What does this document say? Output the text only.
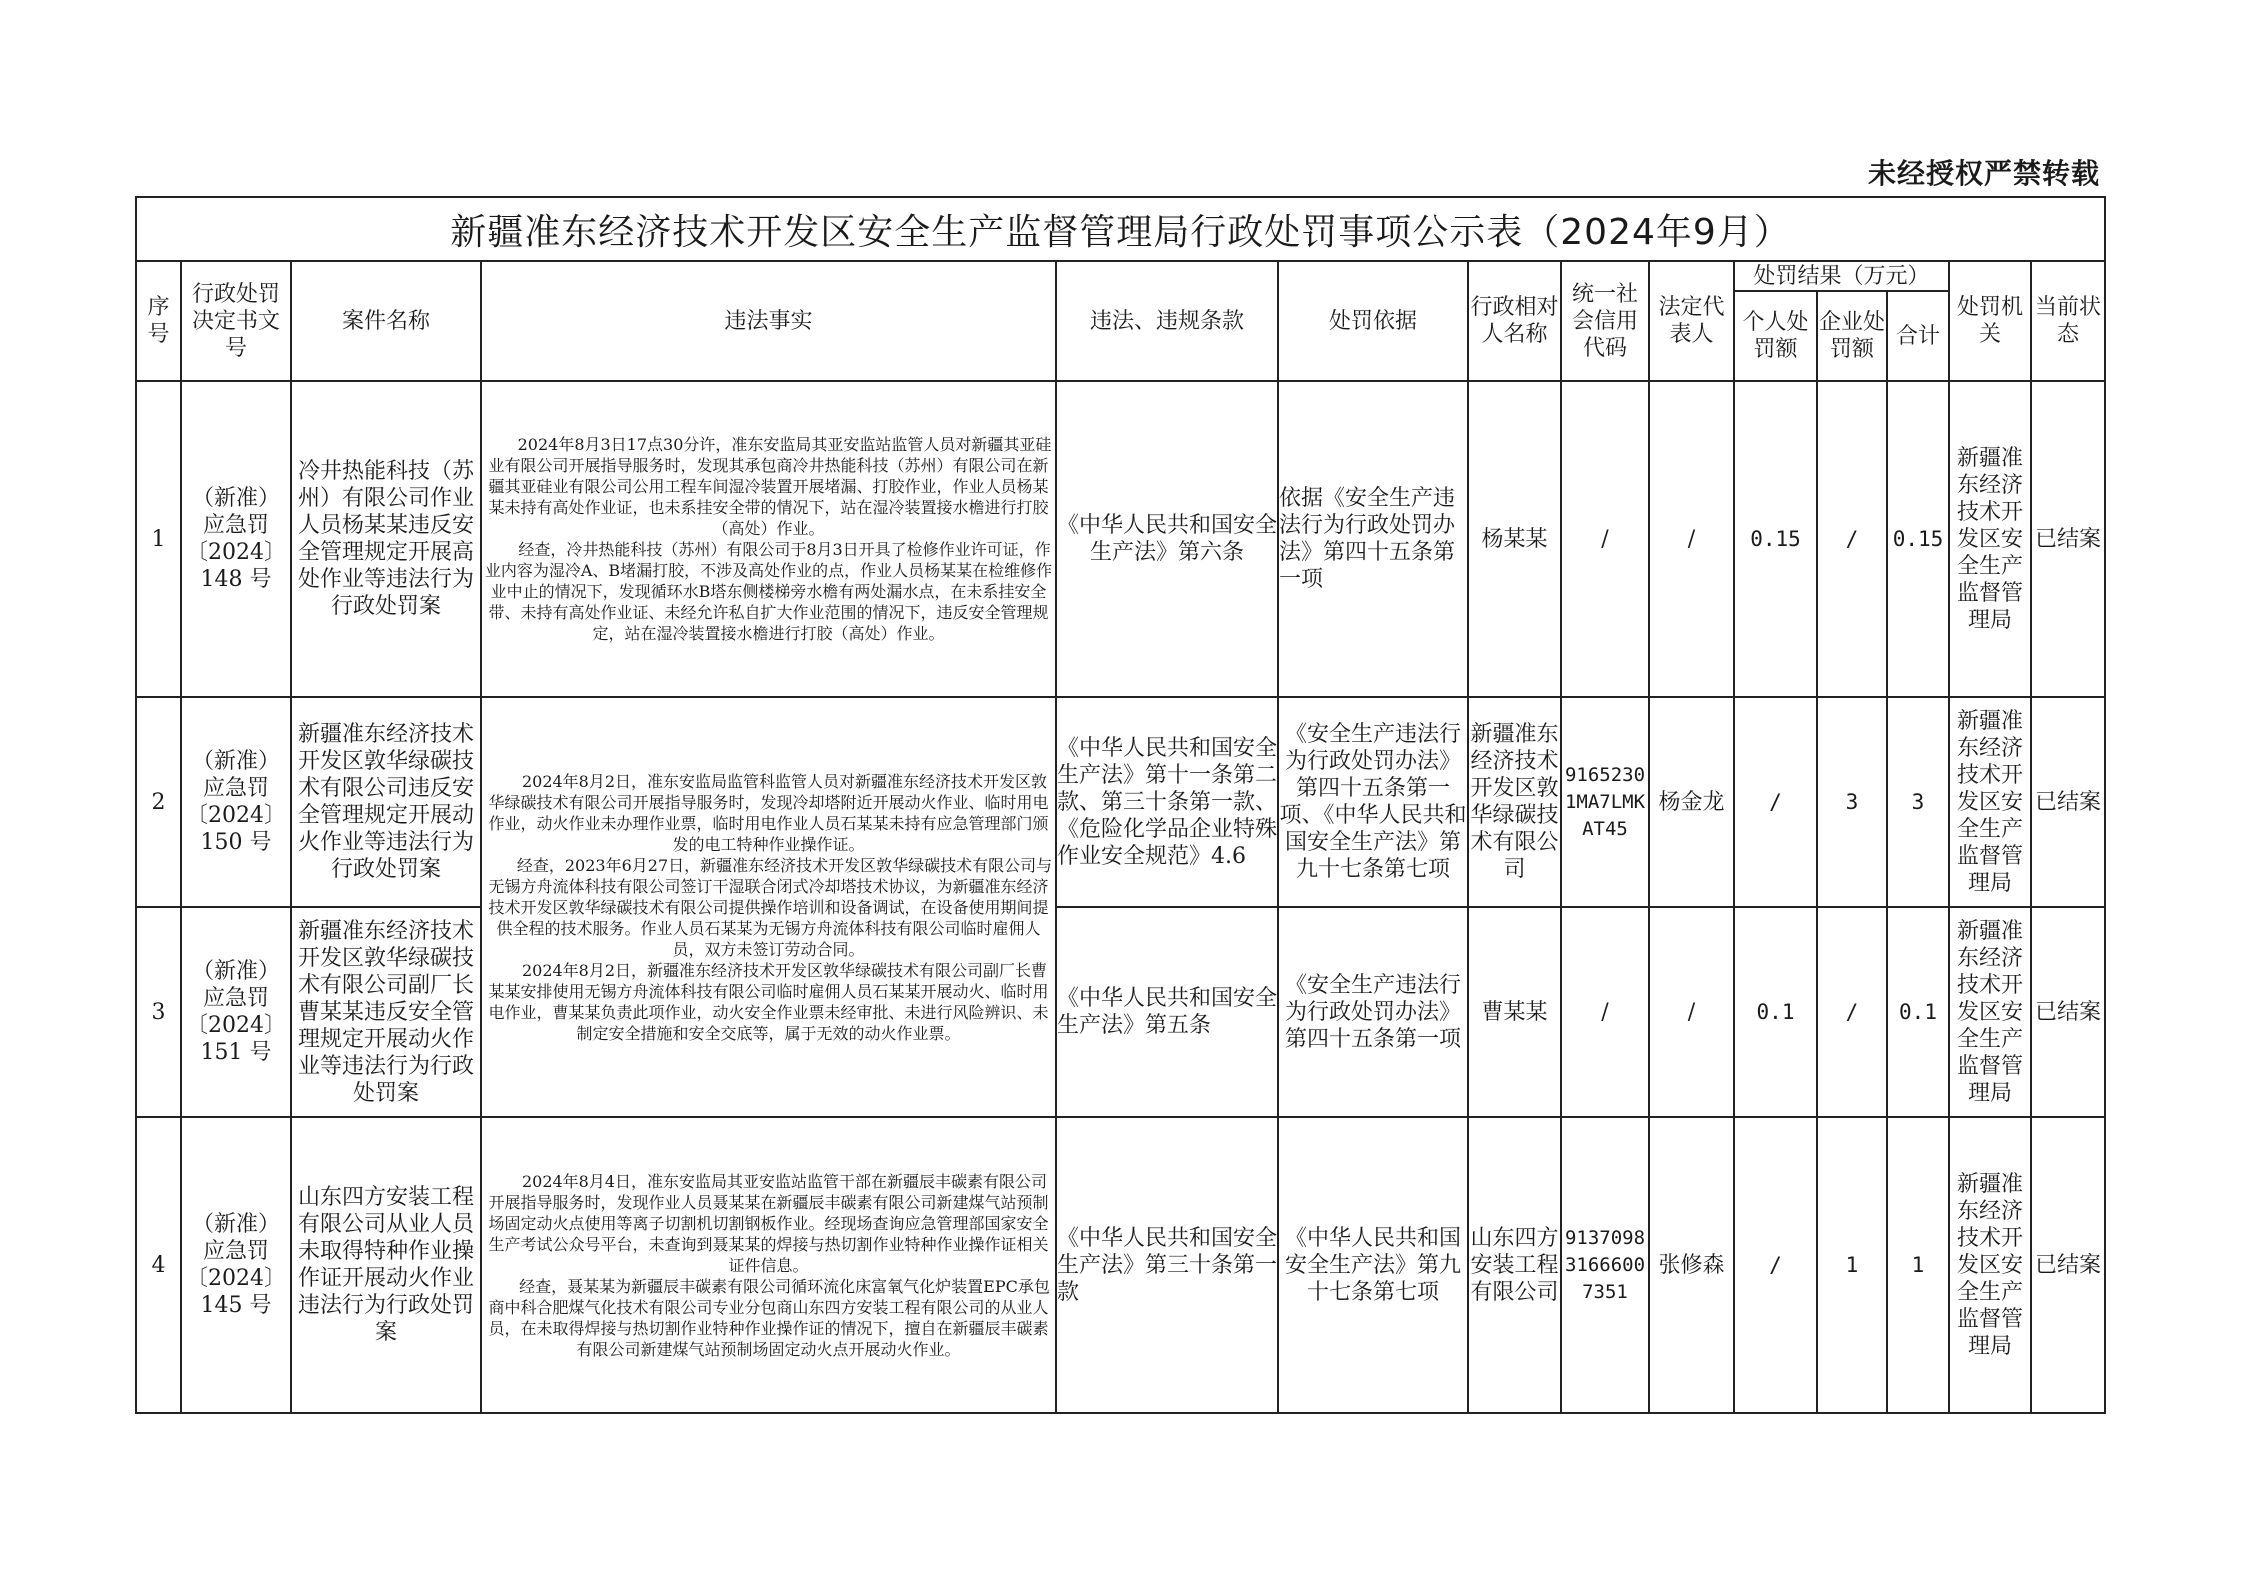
未经授权严禁转载
新疆准东经济技术开发区安全生产监督管理局行政处罚事项公示表（2024年9月）													
序号	行政处罚决定书文号	案件名称	违法事实	违法、违规条款	处罚依据	行政相对人名称	统一社会信用代码	法定代表人	处罚结果（万元）			处罚机关	当前状态
									个人处罚额	企业处罚额	合计		
1	（新准）应急罚〔2024〕148 号	冷井热能科技（苏州）有限公司作业人员杨某某违反安全管理规定开展高处作业等违法行为行政处罚案	2024年8月3日17点30分许，准东安监局其亚安监站监管人员对新疆其亚硅业有限公司开展指导服务时，发现其承包商冷井热能科技（苏州）有限公司在新疆其亚硅业有限公司公用工程车间湿冷装置开展堵漏、打胶作业，作业人员杨某某未持有高处作业证，也未系挂安全带的情况下，站在湿冷装置接水檐进行打胶（高处）作业。

经查，冷井热能科技（苏州）有限公司于8月3日开具了检修作业许可证，作业内容为湿冷A、B堵漏打胶，不涉及高处作业的点，作业人员杨某某在检维修作业中止的情况下，发现循环水B塔东侧楼梯旁水檐有两处漏水点，在未系挂安全带、未持有高处作业证、未经允许私自扩大作业范围的情况下，违反安全管理规定，站在湿冷装置接水檐进行打胶（高处）作业。	《中华人民共和国安全生产法》第六条	依据《安全生产违法行为行政处罚办法》第四十五条第一项	杨某某	/	/	0.15	/	0.15	新疆准东经济技术开发区安全生产监督管理局	已结案
2	（新准）应急罚〔2024〕150 号	新疆准东经济技术开发区敦华绿碳技术有限公司违反安全管理规定开展动火作业等违法行为行政处罚案	2024年8月2日，准东安监局监管科监管人员对新疆准东经济技术开发区敦华绿碳技术有限公司开展指导服务时，发现冷却塔附近开展动火作业、临时用电作业，动火作业未办理作业票，临时用电作业人员石某某未持有应急管理部门颁发的电工特种作业操作证。

经查，2023年6月27日，新疆准东经济技术开发区敦华绿碳技术有限公司与无锡方舟流体科技有限公司签订干湿联合闭式冷却塔技术协议，为新疆准东经济技术开发区敦华绿碳技术有限公司提供操作培训和设备调试，在设备使用期间提供全程的技术服务。作业人员石某某为无锡方舟流体科技有限公司临时雇佣人员，双方未签订劳动合同。

2024年8月2日，新疆准东经济技术开发区敦华绿碳技术有限公司副厂长曹某某安排使用无锡方舟流体科技有限公司临时雇佣人员石某某开展动火、临时用电作业，曹某某负责此项作业，动火安全作业票未经审批、未进行风险辨识、未制定安全措施和安全交底等，属于无效的动火作业票。	《中华人民共和国安全生产法》第十一条第二款、第三十条第一款、《危险化学品企业特殊作业安全规范》4.6	《安全生产违法行为行政处罚办法》第四十五条第一项、《中华人民共和国安全生产法》第九十七条第七项	新疆准东经济技术开发区敦华绿碳技术有限公司	91652301MA7LMKAT45	杨金龙	/	3	3	新疆准东经济技术开发区安全生产监督管理局	已结案
3	（新准）应急罚〔2024〕151 号	新疆准东经济技术开发区敦华绿碳技术有限公司副厂长曹某某违反安全管理规定开展动火作业等违法行为行政处罚案		《中华人民共和国安全生产法》第五条	《安全生产违法行为行政处罚办法》第四十五条第一项	曹某某	/	/	0.1	/	0.1	新疆准东经济技术开发区安全生产监督管理局	已结案
4	（新准）应急罚〔2024〕145 号	山东四方安装工程有限公司从业人员未取得特种作业操作证开展动火作业违法行为行政处罚案	2024年8月4日，准东安监局其亚安监站监管干部在新疆辰丰碳素有限公司开展指导服务时，发现作业人员聂某某在新疆辰丰碳素有限公司新建煤气站预制场固定动火点使用等离子切割机切割钢板作业。经现场查询应急管理部国家安全生产考试公众号平台，未查询到聂某某的焊接与热切割作业特种作业操作证相关证件信息。

经查，聂某某为新疆辰丰碳素有限公司循环流化床富氧气化炉装置EPC承包商中科合肥煤气化技术有限公司专业分包商山东四方安装工程有限公司的从业人员，在未取得焊接与热切割作业特种作业操作证的情况下，擅自在新疆辰丰碳素有限公司新建煤气站预制场固定动火点开展动火作业。	《中华人民共和国安全生产法》第三十条第一款	《中华人民共和国安全生产法》第九十七条第七项	山东四方安装工程有限公司	913709831666007351	张修森	/	1	1	新疆准东经济技术开发区安全生产监督管理局	已结案
